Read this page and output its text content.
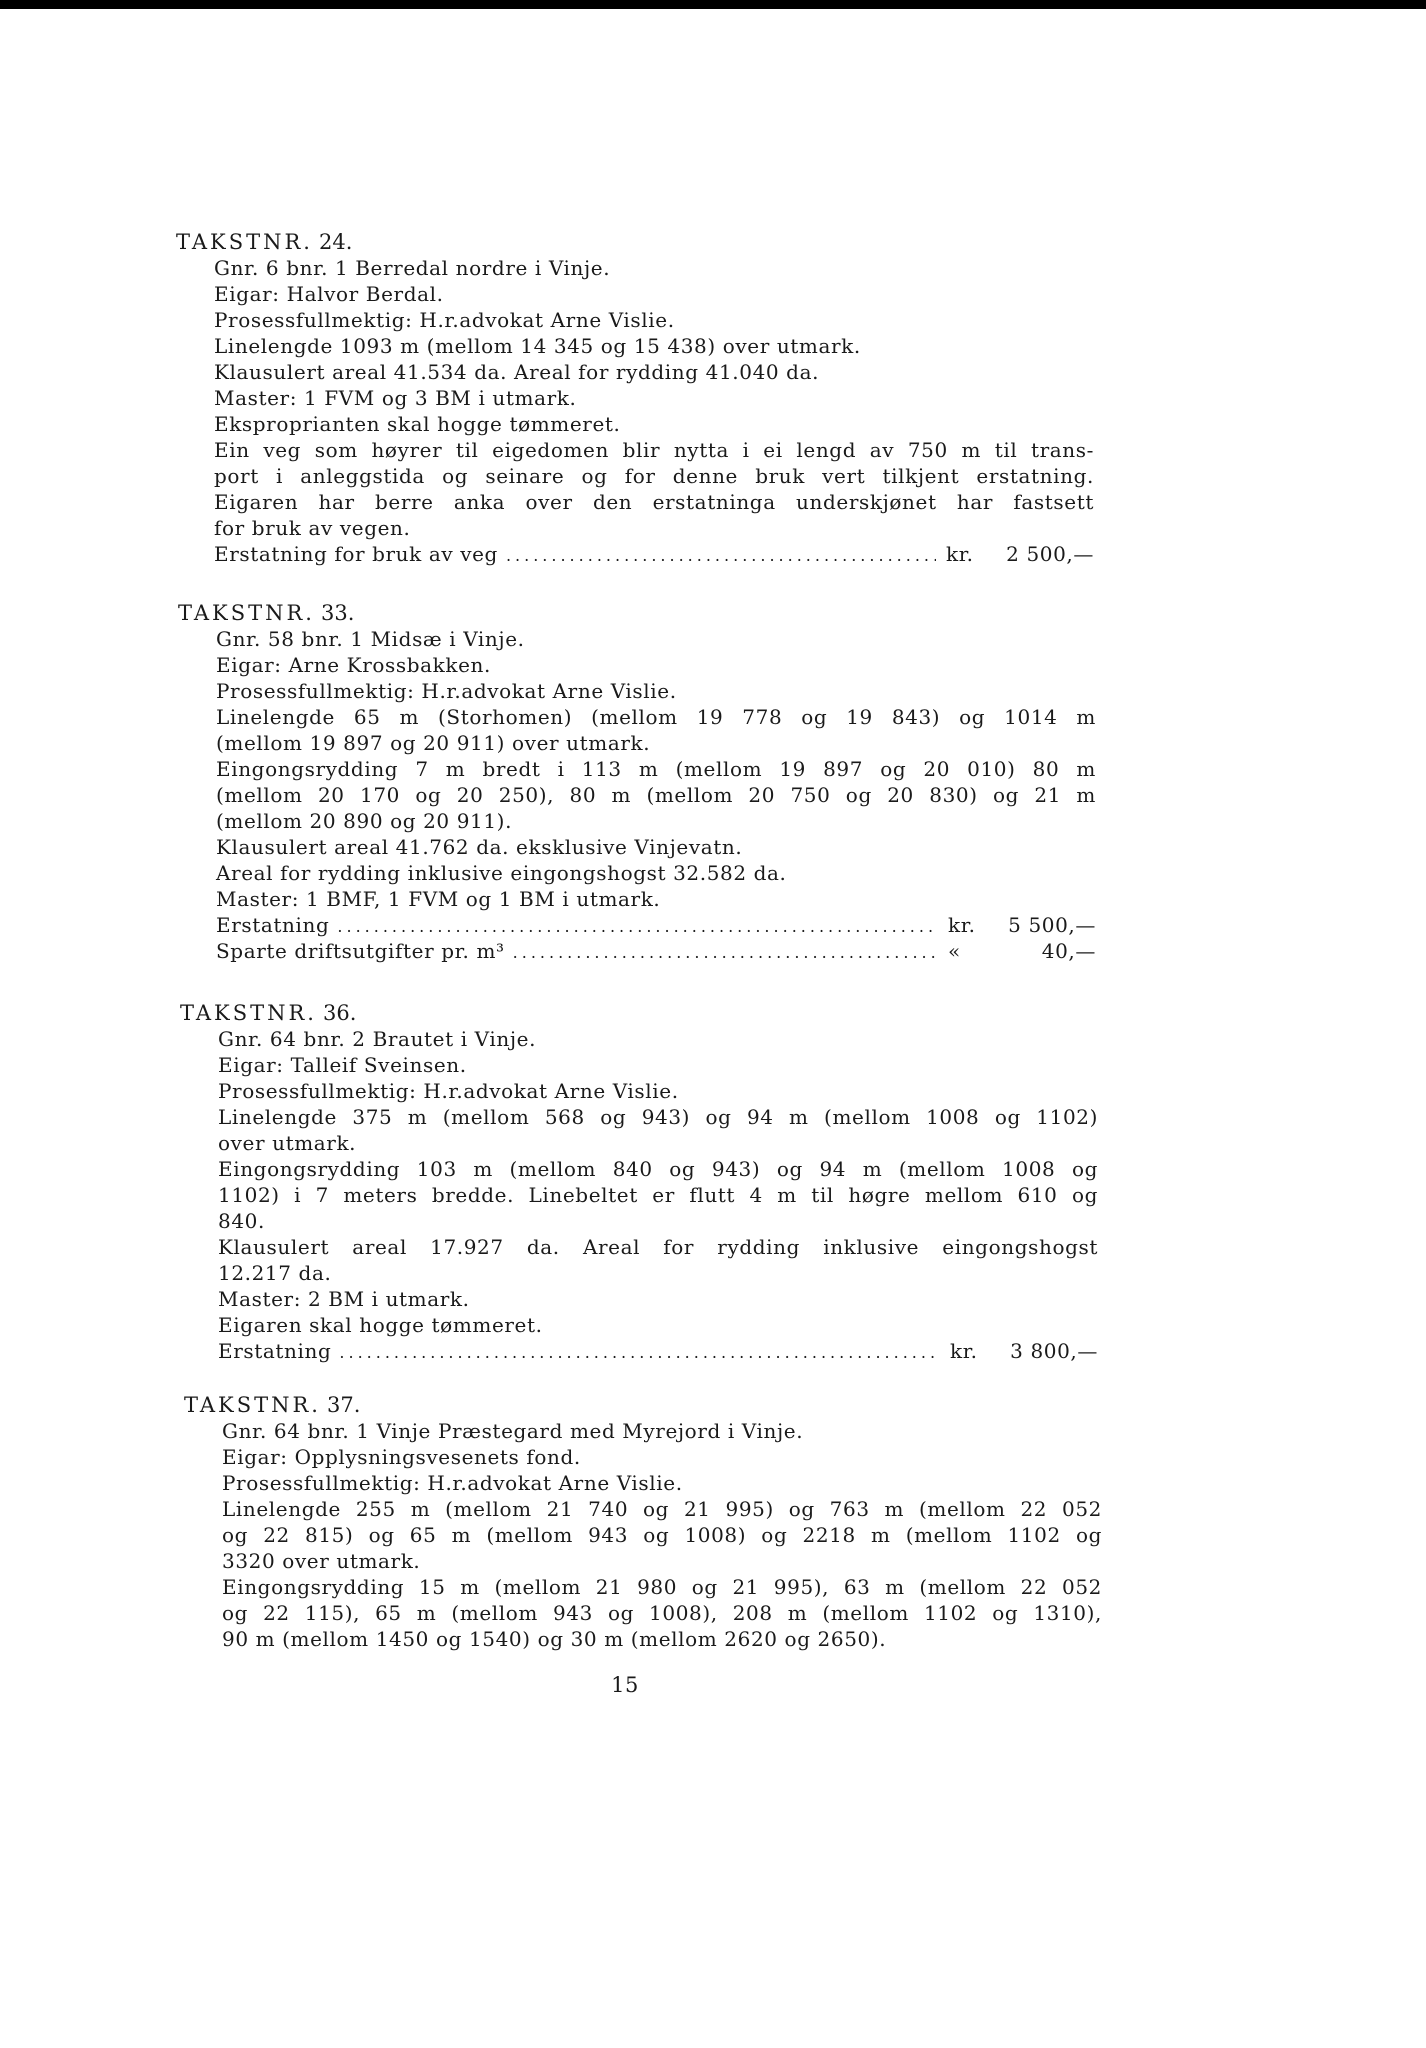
TAKSTNR. 24.
Gnr. 6 bnr. 1 Berredal nordre i Vinje.
Eigar: Halvor Berdal.
Prosessfullmektig: H.r.advokat Arne Vislie.
Linelengde 1093 m (mellom 14 345 og 15 438) over utmark.
Klausulert areal 41.534 da. Areal for rydding 41.040 da.
Master: 1 FVM og 3 BM i utmark.
Eksproprianten skal hogge tømmeret.
Ein veg som høyrer til eigedomen blir nytta i ei lengd av 750 m til trans-
port i anleggstida og seinare og for denne bruk vert tilkjent erstatning.
Eigaren har berre anka over den erstatninga underskjønet har fastsett
for bruk av vegen.
Erstatning for bruk av veg .....	kr.	2 500,—
TAKSTNR. 33.
Gnr. 58 bnr. 1 Midsæ i Vinje.
Eigar: Arne Krossbakken.
Prosessfullmektig: H.r.advokat Arne Vislie.
Linelengde 65 m (Storhomen) (mellom 19 778 og 19 843) og 1014 m
(mellom 19 897 og 20 911) over utmark.
Eingongsrydding 7 m bredt i 113 m (mellom 19 897 og 20 010) 80 m
(mellom 20 170 og 20 250), 80 m (mellom 20 750 og 20 830) og 21 m
(mellom 20 890 og 20 911).
Klausulert areal 41.762 da. eksklusive Vinjevatn.
Areal for rydding inklusive eingongshogst 32.582 da.
Master: 1 BMF, 1 FVM og 1 BM i utmark.
Erstatning .....	kr.	5 500,—
Sparte driftsutgifter pr. m³ .....	«	40,—
TAKSTNR. 36.
Gnr. 64 bnr. 2 Brautet i Vinje.
Eigar: Talleif Sveinsen.
Prosessfullmektig: H.r.advokat Arne Vislie.
Linelengde 375 m (mellom 568 og 943) og 94 m (mellom 1008 og 1102)
over utmark.
Eingongsrydding 103 m (mellom 840 og 943) og 94 m (mellom 1008 og
1102) i 7 meters bredde. Linebeltet er flutt 4 m til høgre mellom 610 og
840.
Klausulert areal 17.927 da. Areal for rydding inklusive eingongshogst
12.217 da.
Master: 2 BM i utmark.
Eigaren skal hogge tømmeret.
Erstatning .....	kr.	3 800,—
TAKSTNR. 37.
Gnr. 64 bnr. 1 Vinje Præstegard med Myrejord i Vinje.
Eigar: Opplysningsvesenets fond.
Prosessfullmektig: H.r.advokat Arne Vislie.
Linelengde 255 m (mellom 21 740 og 21 995) og 763 m (mellom 22 052
og 22 815) og 65 m (mellom 943 og 1008) og 2218 m (mellom 1102 og
3320 over utmark.
Eingongsrydding 15 m (mellom 21 980 og 21 995), 63 m (mellom 22 052
og 22 115), 65 m (mellom 943 og 1008), 208 m (mellom 1102 og 1310),
90 m (mellom 1450 og 1540) og 30 m (mellom 2620 og 2650).
15
